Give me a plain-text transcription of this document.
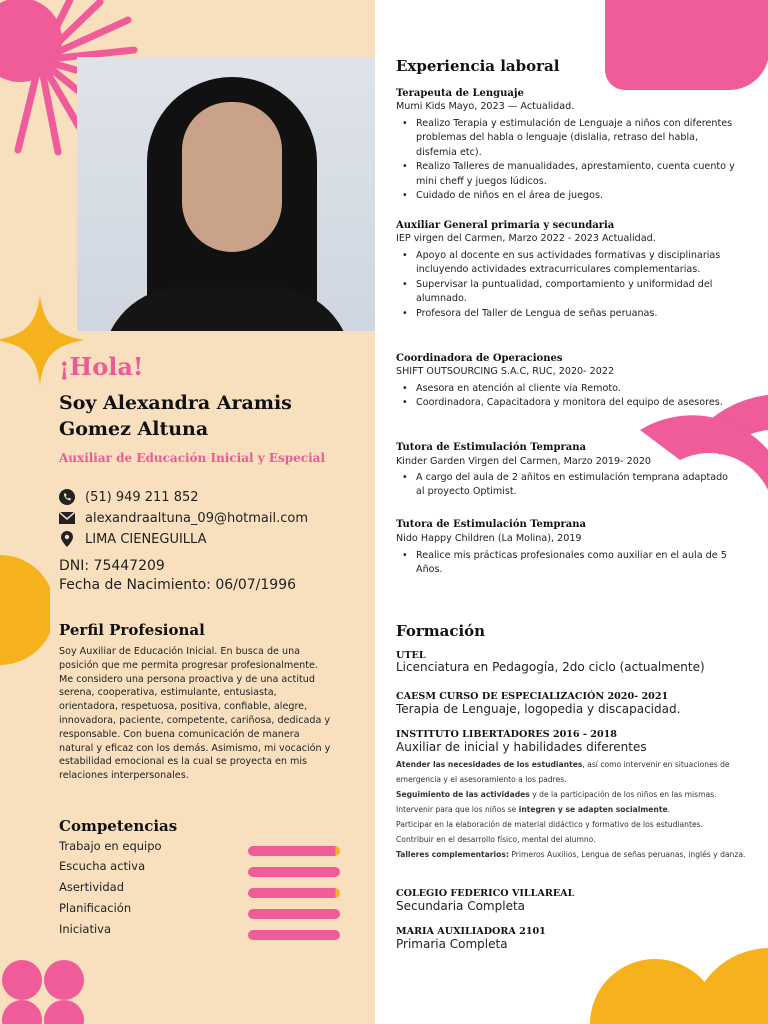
¡Hola!
Soy Alexandra Aramis Gomez Altuna
Auxiliar de Educación Inicial y Especial
(51) 949 211 852
alexandraaltuna_09@hotmail.com
LIMA CIENEGUILLA
DNI: 75447209
Fecha de Nacimiento: 06/07/1996
Perfil Profesional
Soy Auxiliar de Educación Inicial. En busca de una posición que me permita progresar profesionalmente. Me considero una persona proactiva y de una actitud serena, cooperativa, estimulante, entusiasta, orientadora, respetuosa, positiva, confiable, alegre, innovadora, paciente, competente, cariñosa, dedicada y responsable. Con buena comunicación de manera natural y eficaz con los demás. Asimismo, mi vocación y estabilidad emocional es la cual se proyecta en mis relaciones interpersonales.
Competencias
Trabajo en equipo
Escucha activa
Asertividad
Planificación
Iniciativa
Experiencia laboral
Terapeuta de Lenguaje
Mumi Kids Mayo, 2023 — Actualidad.
• Realizo Terapia y estimulación de Lenguaje a niños con diferentes problemas del habla o lenguaje (dislalia, retraso del habla, disfemia etc).
• Realizo Talleres de manualidades, aprestamiento, cuenta cuento y mini cheff y juegos lúdicos.
• Cuidado de niños en el área de juegos.
Auxiliar General primaria y secundaria
IEP virgen del Carmen, Marzo 2022 - 2023 Actualidad.
• Apoyo al docente en sus actividades formativas y disciplinarias incluyendo actividades extracurriculares complementarias.
• Supervisar la puntualidad, comportamiento y uniformidad del alumnado.
• Profesora del Taller de Lengua de señas peruanas.
Coordinadora de Operaciones
SHIFT OUTSOURCING S.A.C, RUC, 2020- 2022
• Asesora en atención al cliente via Remoto.
• Coordinadora, Capacitadora y monitora del equipo de asesores.
Tutora de Estimulación Temprana
Kinder Garden Virgen del Carmen, Marzo 2019- 2020
• A cargo del aula de 2 añitos en estimulación temprana adaptado al proyecto Optimist.
Tutora de Estimulación Temprana
Nido Happy Children (La Molina), 2019
• Realice mis prácticas profesionales como auxiliar en el aula de 5 Años.
Formación
UTEL
Licenciatura en Pedagogía, 2do ciclo (actualmente)
CAESM CURSO DE ESPECIALIZACIÓN 2020- 2021
Terapia de Lenguaje, logopedia y discapacidad.
INSTITUTO LIBERTADORES 2016 - 2018
Auxiliar de inicial y habilidades diferentes
Atender las necesidades de los estudiantes, así como intervenir en situaciones de emergencia y el asesoramiento a los padres.
Seguimiento de las actividades y de la participación de los niños en las mismas.
Intervenir para que los niños se integren y se adapten socialmente.
Participar en la elaboración de material didáctico y formativo de los estudiantes.
Contribuir en el desarrollo físico, mental del alumno.
Talleres complementarios: Primeros Auxilios, Lengua de señas peruanas, inglés y danza.
COLEGIO FEDERICO VILLAREAL
Secundaria Completa
MARIA AUXILIADORA 2101
Primaria Completa
